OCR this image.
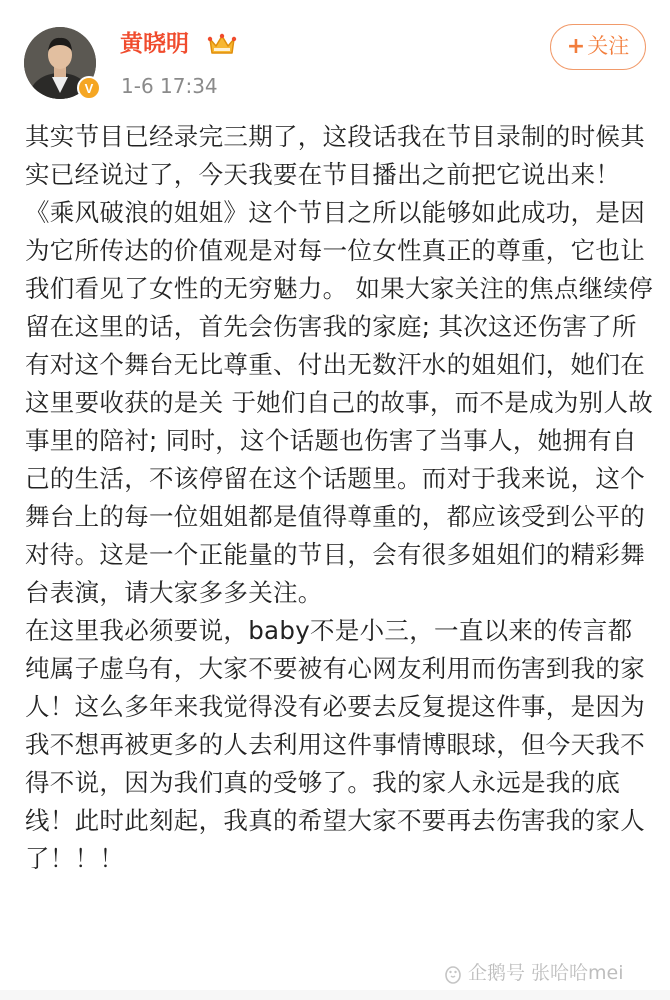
V
黄晓明
1-6 17:34
+关注

其实节目已经录完三期了，这段话我在节目录制的时候其实已经说过了，今天我要在节目播出之前把它说出来！《乘风破浪的姐姐》这个节目之所以能够如此成功，是因为它所传达的价值观是对每一位女性真正的尊重，它也让我们看见了女性的无穷魅力。 如果大家关注的焦点继续停留在这里的话，首先会伤害我的家庭; 其次这还伤害了所有对这个舞台无比尊重、付出无数汗水的姐姐们，她们在这里要收获的是关 于她们自己的故事，而不是成为别人故事里的陪衬; 同时，这个话题也伤害了当事人，她拥有自己的生活，不该停留在这个话题里。而对于我来说，这个舞台上的每一位姐姐都是值得尊重的，都应该受到公平的对待。这是一个正能量的节目，会有很多姐姐们的精彩舞台表演，请大家多多关注。

在这里我必须要说，baby不是小三，一直以来的传言都纯属子虚乌有，大家不要被有心网友利用而伤害到我的家人！这么多年来我觉得没有必要去反复提这件事，是因为我不想再被更多的人去利用这件事情博眼球，但今天我不得不说，因为我们真的受够了。我的家人永远是我的底线！此时此刻起，我真的希望大家不要再去伤害我的家人了！！！

企鹅号 张哈哈mei
